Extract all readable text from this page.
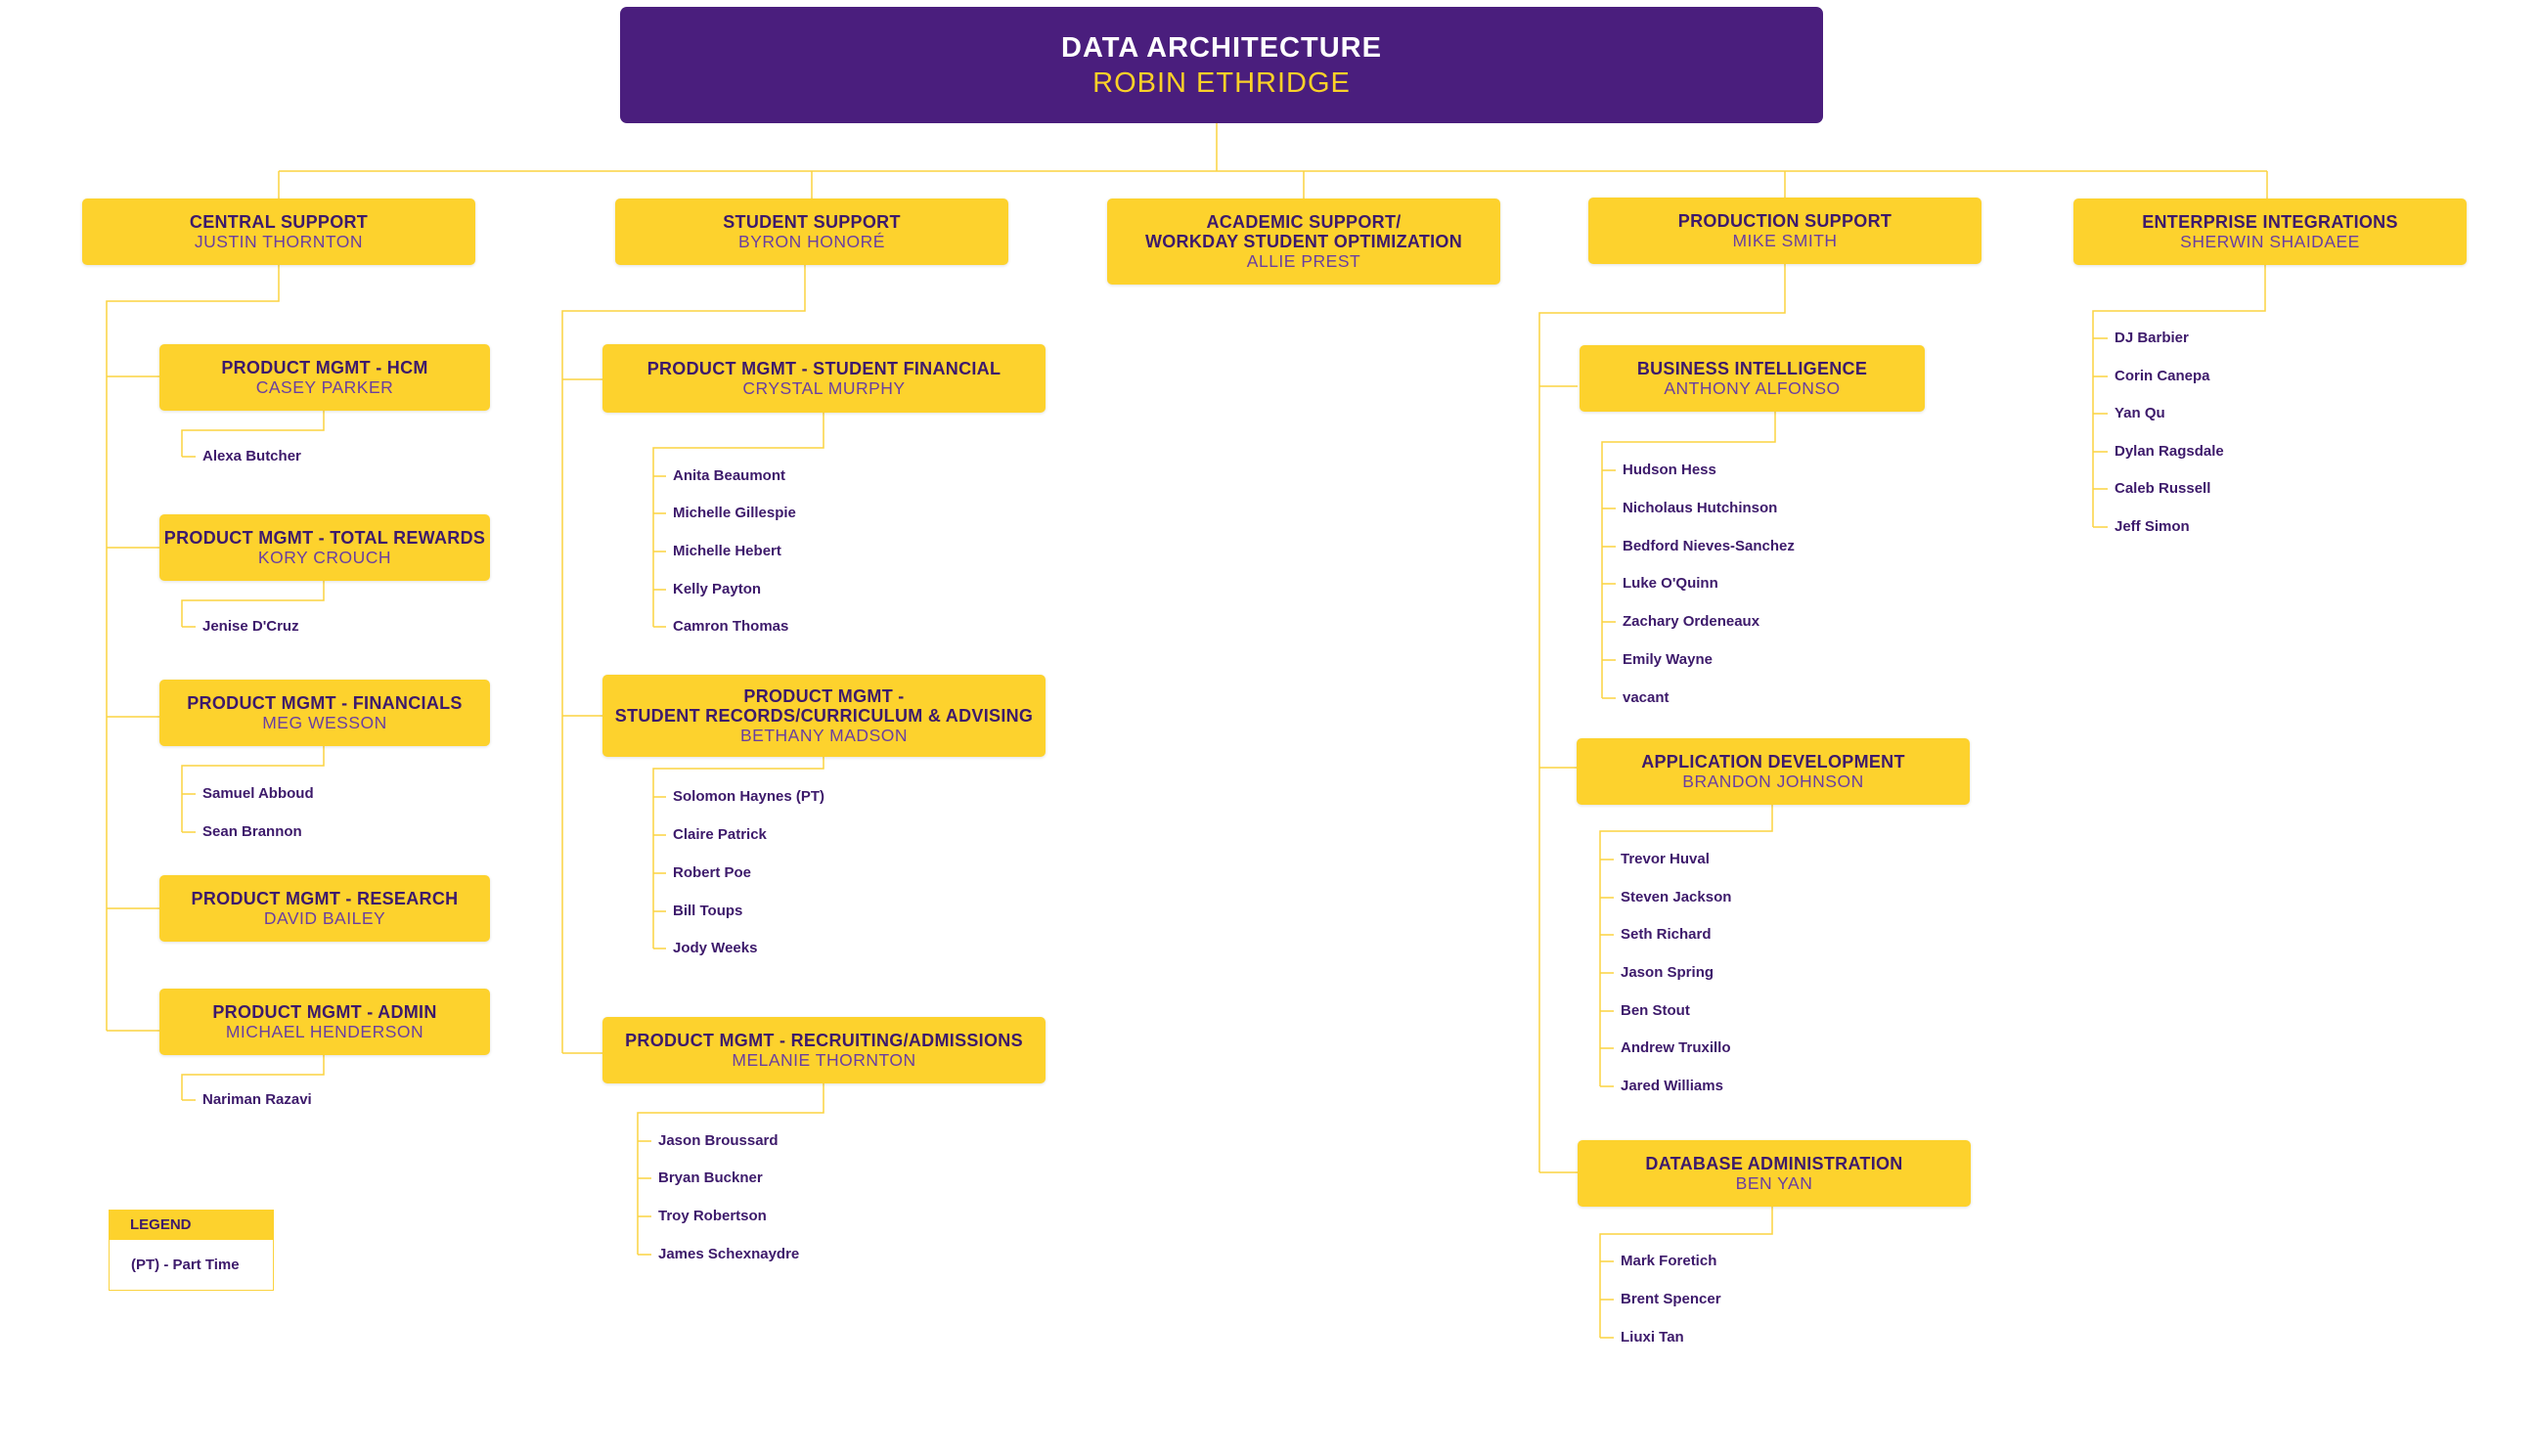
DATA ARCHITECTURE
ROBIN ETHRIDGE
CENTRAL SUPPORT
JUSTIN THORNTON
STUDENT SUPPORT
BYRON HONORÉ
ACADEMIC SUPPORT/
WORKDAY STUDENT OPTIMIZATION
ALLIE PREST
PRODUCTION SUPPORT
MIKE SMITH
ENTERPRISE INTEGRATIONS
SHERWIN SHAIDAEE
PRODUCT MGMT - HCM
CASEY PARKER
Alexa Butcher
PRODUCT MGMT - TOTAL REWARDS
KORY CROUCH
Jenise D'Cruz
PRODUCT MGMT - FINANCIALS
MEG WESSON
Samuel Abboud
Sean Brannon
PRODUCT MGMT - RESEARCH
DAVID BAILEY
PRODUCT MGMT - ADMIN
MICHAEL HENDERSON
Nariman Razavi
PRODUCT MGMT - STUDENT FINANCIAL
CRYSTAL MURPHY
Anita Beaumont
Michelle Gillespie
Michelle Hebert
Kelly Payton
Camron Thomas
PRODUCT MGMT -
STUDENT RECORDS/CURRICULUM & ADVISING
BETHANY MADSON
Solomon Haynes (PT)
Claire Patrick
Robert Poe
Bill Toups
Jody Weeks
PRODUCT MGMT - RECRUITING/ADMISSIONS
MELANIE THORNTON
Jason Broussard
Bryan Buckner
Troy Robertson
James Schexnaydre
BUSINESS INTELLIGENCE
ANTHONY ALFONSO
Hudson Hess
Nicholaus Hutchinson
Bedford Nieves-Sanchez
Luke O'Quinn
Zachary Ordeneaux
Emily Wayne
vacant
APPLICATION DEVELOPMENT
BRANDON JOHNSON
Trevor Huval
Steven Jackson
Seth Richard
Jason Spring
Ben Stout
Andrew Truxillo
Jared Williams
DATABASE ADMINISTRATION
BEN YAN
Mark Foretich
Brent Spencer
Liuxi Tan
DJ Barbier
Corin Canepa
Yan Qu
Dylan Ragsdale
Caleb Russell
Jeff Simon
LEGEND
(PT) - Part Time
